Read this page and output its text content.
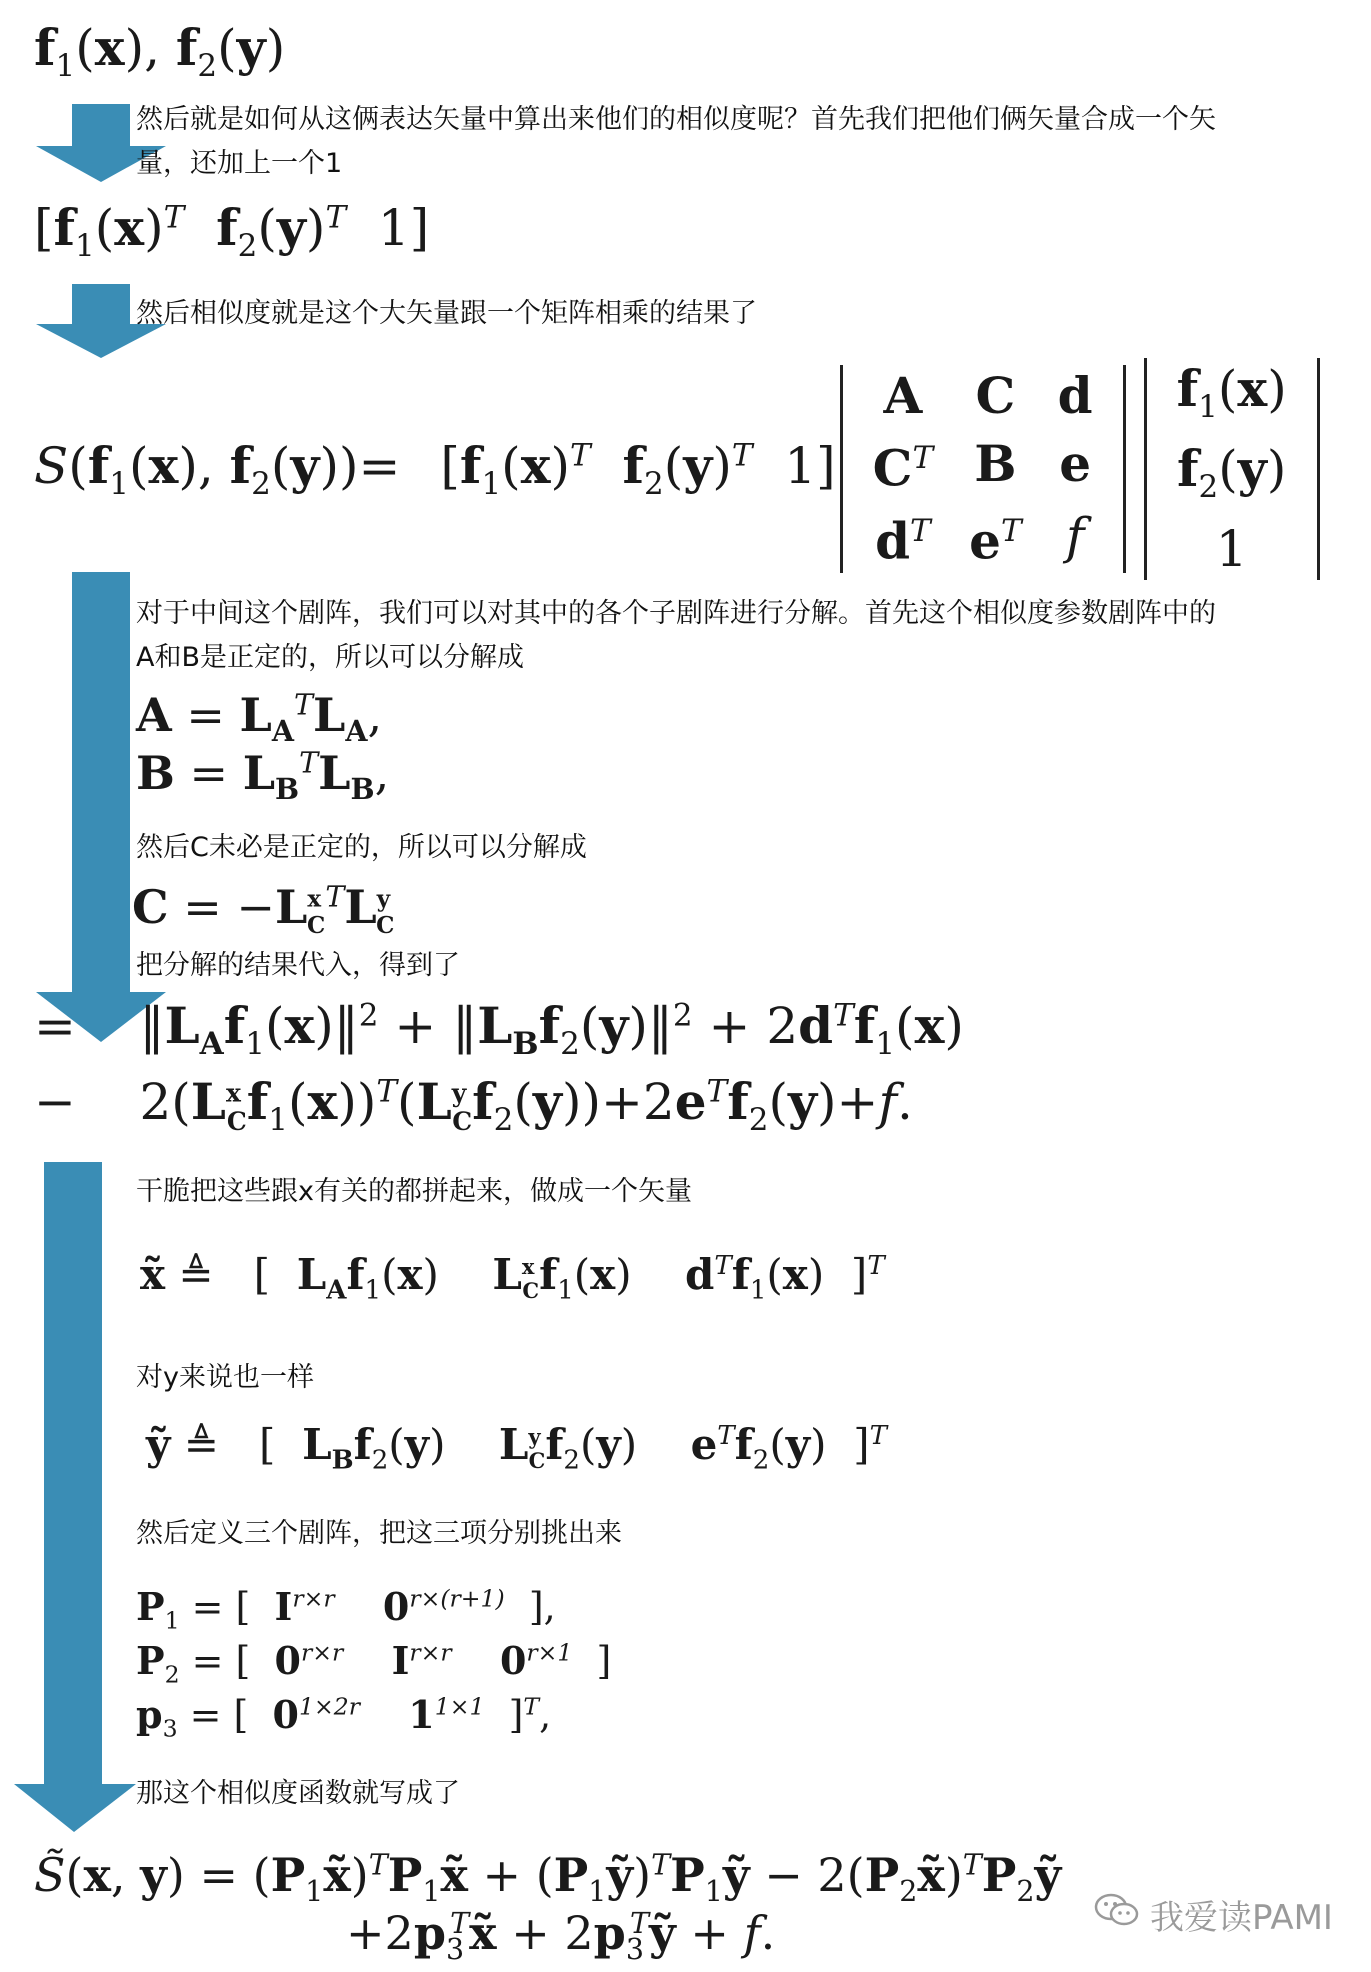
$f_1(x)$, $f_2(y)$
然后就是如何从这俩表达矢量中算出来他们的相似度呢？首先我们把他们俩矢量合成一个矢
量，还加上一个1
[$f_1(x)^T$ $f_2(y)^T$ 1]
然后相似度就是这个大矢量跟一个矩阵相乘的结果了
$S(f_1(x)$, $f_2(y))= [f_1(x)^T$ $f_2(y)^T$ 1]
A	C	d
$C^T$	B	e
$d^T$	$e^T$	f
$f_1(x)$
$f_2(y)$
1
对于中间这个剧阵，我们可以对其中的各个子剧阵进行分解。首先这个相似度参数剧阵中的
A和B是正定的，所以可以分解成
$A = L_A^TL_A$,
$B = L_B^TL_B$,
然后C未必是正定的，所以可以分解成
$C = -L^x_C^TL^y_C$
把分解的结果代入，得到了
=    $‖L_Af_1(x)‖^2$ + $‖L_Bf_2(y)‖^2 + 2d^Tf_1(x)$
−    $2(L^x_Cf_1(x))^T(L^y_Cf_2(y))+2e^Tf_2(y)+f$.
干脆把这些跟x有关的都拼起来，做成一个矢量
x̃ ≜   [  $L_Af_1(x)$    $L^x_Cf_1(x)$    $d^Tf_1(x)$  ]$^T$
对y来说也一样
ỹ ≜   [  $L_Bf_2(y)$    $L^y_Cf_2(y)$    $e^Tf_2(y)$  ]$^T$
然后定义三个剧阵，把这三项分别挑出来
$P_1$ = [  $I^{r\times r}$ $0^{r\times(r+1)}$  ],
$P_2$ = [  $0^{r\times r}$ $I^{r\times r}$ $0^{r\times 1}$  ]
$p_3$ = [  $0^{1\times 2r}$ $1^{1\times 1}$  ]$^T$,
那这个相似度函数就写成了
S̃(x, $y) = (P_1x̃)^TP_1x̃$ + $(P_1ỹ)^TP_1ỹ$ − $2(P_2x̃)^TP_2ỹ$
$+2p_3^Tx̃$ + $2p_3^Tỹ + f$.	我爱读PAMI
